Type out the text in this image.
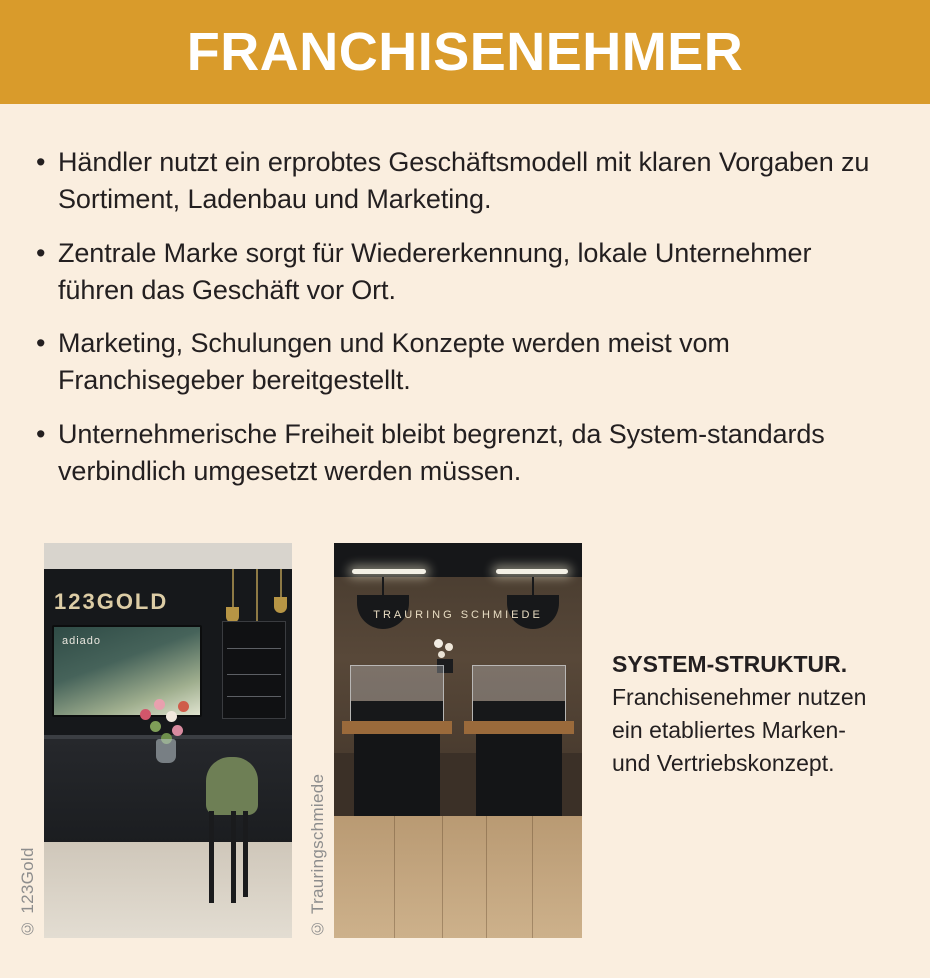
FRANCHISENEHMER
• Händler nutzt ein erprobtes Geschäftsmodell mit klaren Vorgaben zu Sortiment, Ladenbau und Marketing.
• Zentrale Marke sorgt für Wiedererkennung, lokale Unternehmer führen das Geschäft vor Ort.
• Marketing, Schulungen und Konzepte werden meist vom Franchisegeber bereitgestellt.
• Unternehmerische Freiheit bleibt begrenzt, da System-standards verbindlich umgesetzt werden müssen.
© 123Gold
123GOLD
adiado
© Trauringschmiede
TRAURING SCHMIEDE
SYSTEM-STRUKTUR.
Franchisenehmer nutzen ein etabliertes Marken- und Vertriebskonzept.
